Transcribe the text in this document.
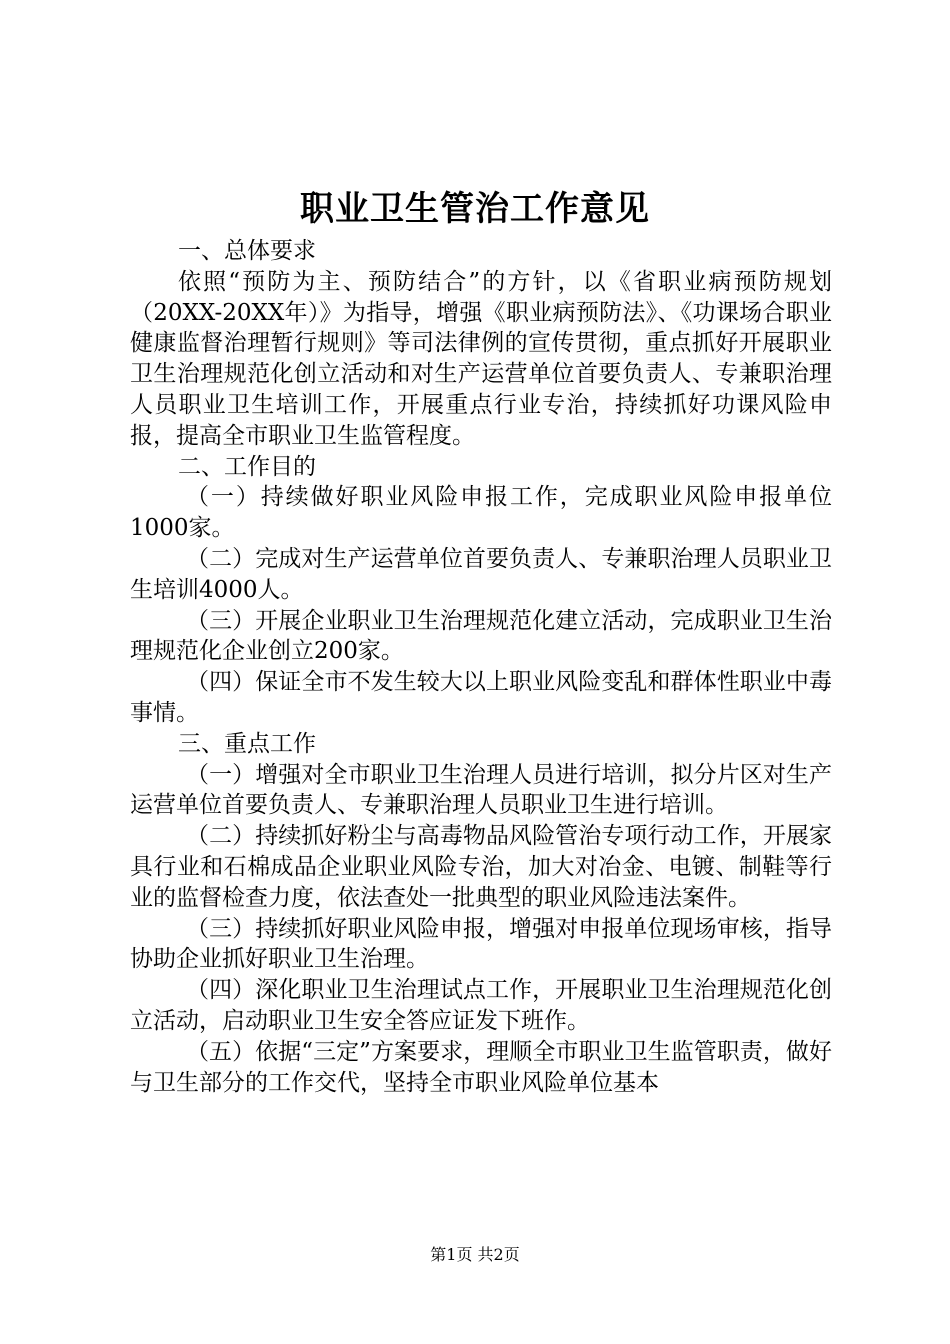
职业卫生管治工作意见

一、总体要求

依照“预防为主、预防结合”的方针，以《省职业病预防规划（20XX-20XX年）》为指导，增强《职业病预防法》、《功课场合职业健康监督治理暂行规则》等司法律例的宣传贯彻，重点抓好开展职业卫生治理规范化创立活动和对生产运营单位首要负责人、专兼职治理人员职业卫生培训工作，开展重点行业专治，持续抓好功课风险申报，提高全市职业卫生监管程度。

二、工作目的

（一）持续做好职业风险申报工作，完成职业风险申报单位1000家。

（二）完成对生产运营单位首要负责人、专兼职治理人员职业卫生培训4000人。

（三）开展企业职业卫生治理规范化建立活动，完成职业卫生治理规范化企业创立200家。

（四）保证全市不发生较大以上职业风险变乱和群体性职业中毒事情。

三、重点工作

（一）增强对全市职业卫生治理人员进行培训，拟分片区对生产运营单位首要负责人、专兼职治理人员职业卫生进行培训。

（二）持续抓好粉尘与高毒物品风险管治专项行动工作，开展家具行业和石棉成品企业职业风险专治，加大对冶金、电镀、制鞋等行业的监督检查力度，依法查处一批典型的职业风险违法案件。

（三）持续抓好职业风险申报，增强对申报单位现场审核，指导协助企业抓好职业卫生治理。

（四）深化职业卫生治理试点工作，开展职业卫生治理规范化创立活动，启动职业卫生安全答应证发下班作。

（五）依据“三定”方案要求，理顺全市职业卫生监管职责，做好与卫生部分的工作交代，坚持全市职业风险单位基本

第1页 共2页
